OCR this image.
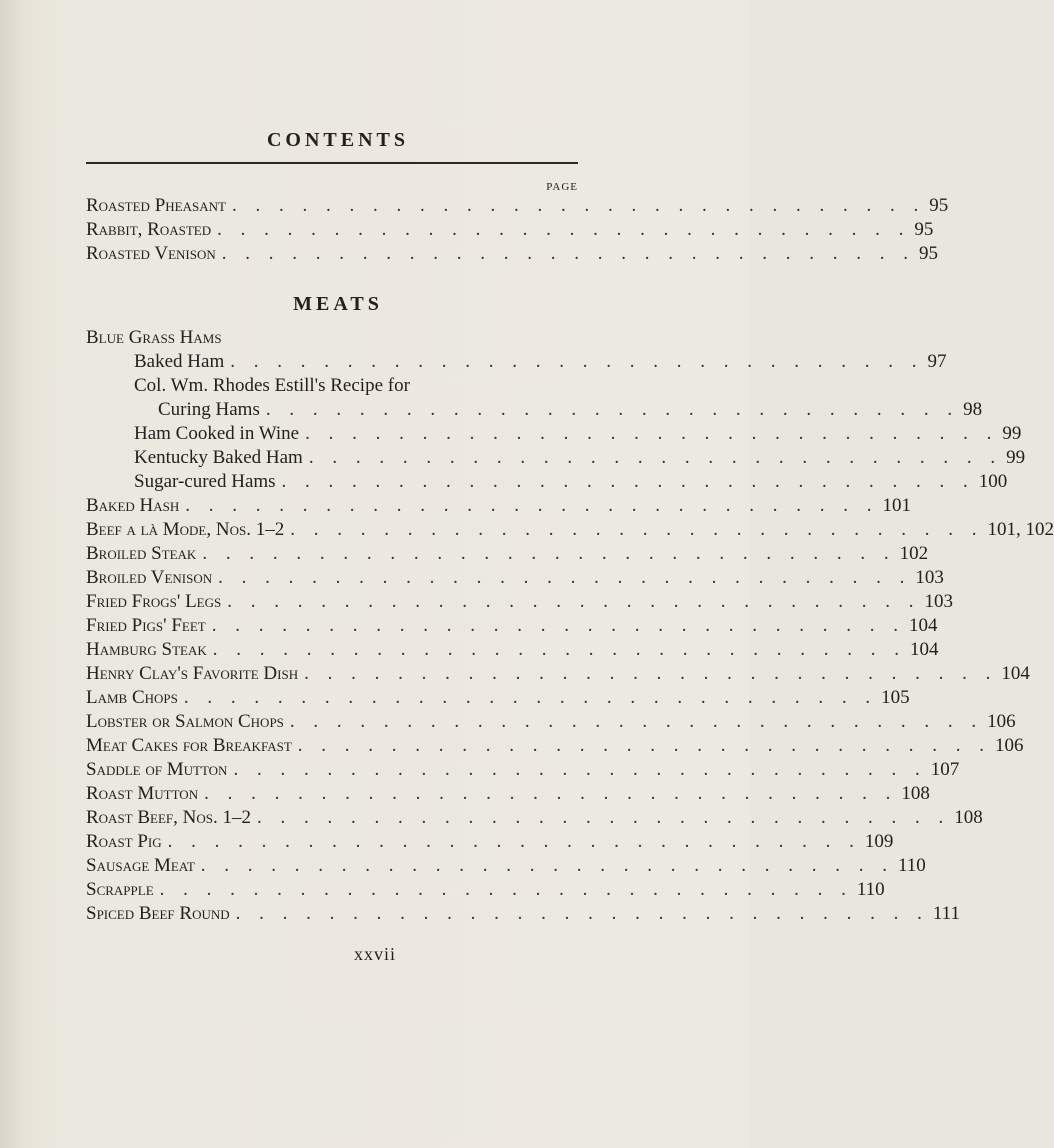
CONTENTS
PAGE
Roasted Pheasant . . . . . . . . . . . . . . . . . . . . . . . . . . . . . . 95
Rabbit, Roasted . . . . . . . . . . . . . . . . . . . . . . . . . . . . . . 95
Roasted Venison . . . . . . . . . . . . . . . . . . . . . . . . . . . . . . 95
MEATS
Blue Grass Hams
Baked Ham . . . . . . . . . . . . . . . . . . . . . . . . . . . . . . 97
Col. Wm. Rhodes Estill's Recipe for
Curing Hams . . . . . . . . . . . . . . . . . . . . . . . . . . . . . . 98
Ham Cooked in Wine . . . . . . . . . . . . . . . . . . . . . . . . . . . . . . 99
Kentucky Baked Ham . . . . . . . . . . . . . . . . . . . . . . . . . . . . . . 99
Sugar-cured Hams . . . . . . . . . . . . . . . . . . . . . . . . . . . . . . 100
Baked Hash . . . . . . . . . . . . . . . . . . . . . . . . . . . . . . 101
Beef a là Mode, Nos. 1–2 . . . . . . . . . . . . . . . . . . . . . . . . . . . . . . 101, 102
Broiled Steak . . . . . . . . . . . . . . . . . . . . . . . . . . . . . . 102
Broiled Venison . . . . . . . . . . . . . . . . . . . . . . . . . . . . . . 103
Fried Frogs' Legs . . . . . . . . . . . . . . . . . . . . . . . . . . . . . . 103
Fried Pigs' Feet . . . . . . . . . . . . . . . . . . . . . . . . . . . . . . 104
Hamburg Steak . . . . . . . . . . . . . . . . . . . . . . . . . . . . . . 104
Henry Clay's Favorite Dish . . . . . . . . . . . . . . . . . . . . . . . . . . . . . . 104
Lamb Chops . . . . . . . . . . . . . . . . . . . . . . . . . . . . . . 105
Lobster or Salmon Chops . . . . . . . . . . . . . . . . . . . . . . . . . . . . . . 106
Meat Cakes for Breakfast . . . . . . . . . . . . . . . . . . . . . . . . . . . . . . 106
Saddle of Mutton . . . . . . . . . . . . . . . . . . . . . . . . . . . . . . 107
Roast Mutton . . . . . . . . . . . . . . . . . . . . . . . . . . . . . . 108
Roast Beef, Nos. 1–2 . . . . . . . . . . . . . . . . . . . . . . . . . . . . . . 108
Roast Pig . . . . . . . . . . . . . . . . . . . . . . . . . . . . . . 109
Sausage Meat . . . . . . . . . . . . . . . . . . . . . . . . . . . . . . 110
Scrapple . . . . . . . . . . . . . . . . . . . . . . . . . . . . . . 110
Spiced Beef Round . . . . . . . . . . . . . . . . . . . . . . . . . . . . . . 111
xxvii
